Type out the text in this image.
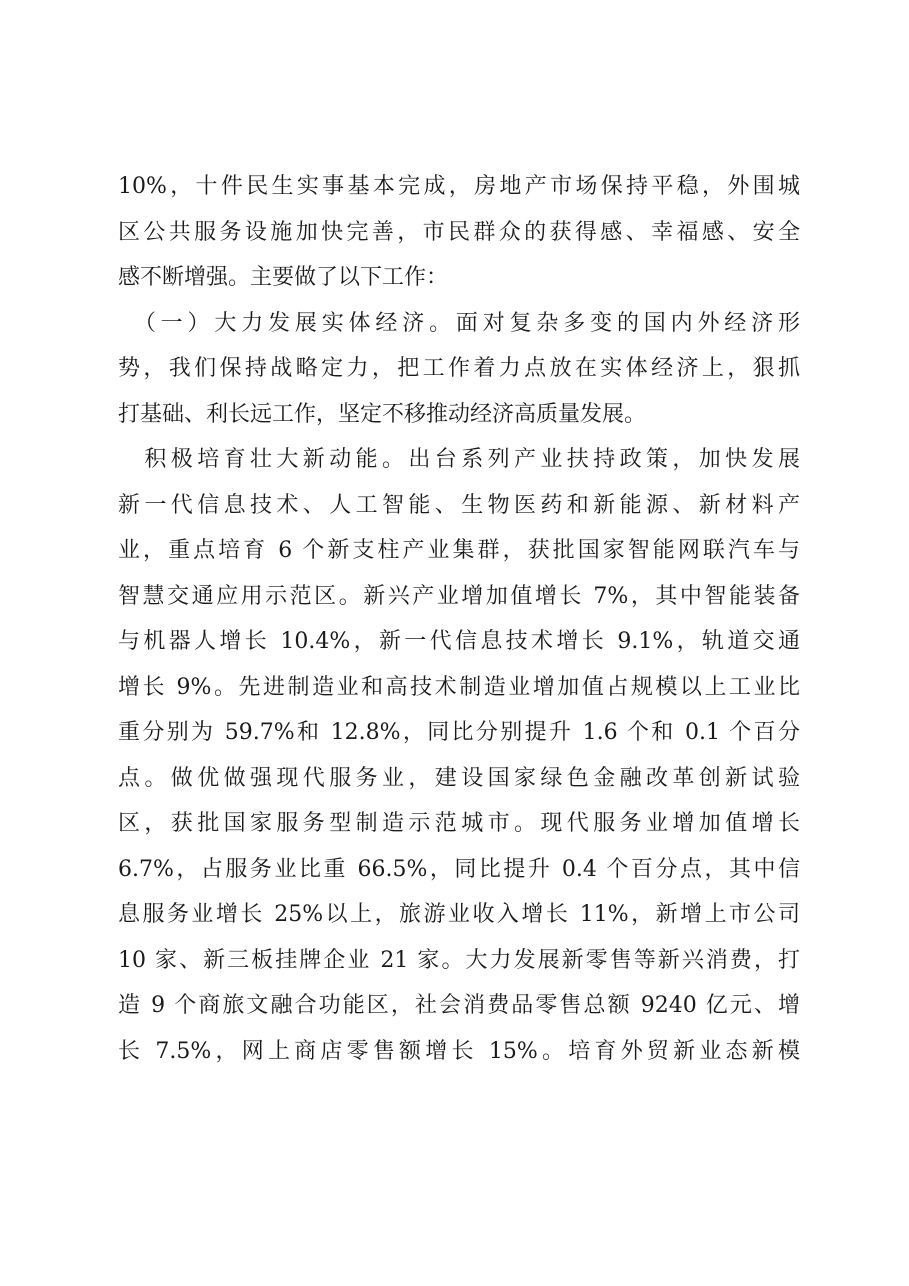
10%，十件民生实事基本完成，房地产市场保持平稳，外围城
区公共服务设施加快完善，市民群众的获得感、幸福感、安全
感不断增强。主要做了以下工作：
　（一）大力发展实体经济。面对复杂多变的国内外经济形
势，我们保持战略定力，把工作着力点放在实体经济上，狠抓
打基础、利长远工作，坚定不移推动经济高质量发展。
　积极培育壮大新动能。出台系列产业扶持政策，加快发展
新一代信息技术、人工智能、生物医药和新能源、新材料产
业，重点培育 6 个新支柱产业集群，获批国家智能网联汽车与
智慧交通应用示范区。新兴产业增加值增长 7%，其中智能装备
与机器人增长 10.4%，新一代信息技术增长 9.1%，轨道交通
增长 9%。先进制造业和高技术制造业增加值占规模以上工业比
重分别为 59.7%和 12.8%，同比分别提升 1.6 个和 0.1 个百分
点。做优做强现代服务业，建设国家绿色金融改革创新试验
区，获批国家服务型制造示范城市。现代服务业增加值增长
6.7%，占服务业比重 66.5%，同比提升 0.4 个百分点，其中信
息服务业增长 25%以上，旅游业收入增长 11%，新增上市公司
10 家、新三板挂牌企业 21 家。大力发展新零售等新兴消费，打
造 9 个商旅文融合功能区，社会消费品零售总额 9240 亿元、增
长 7.5%，网上商店零售额增长 15%。培育外贸新业态新模
